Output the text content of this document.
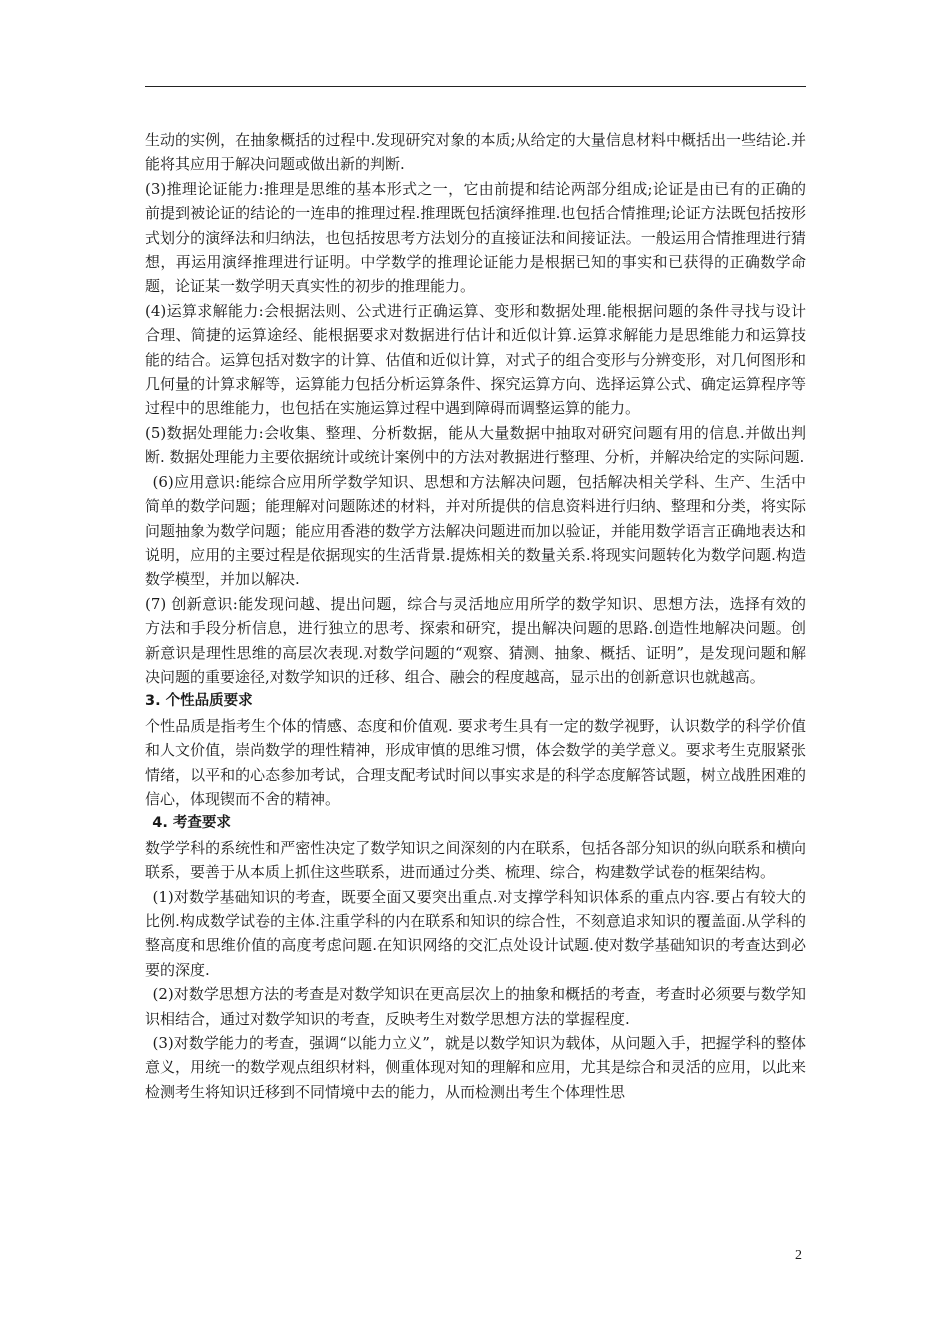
生动的实例，在抽象概括的过程中.发现研究对象的本质;从给定的大量信息材料中概括出一些结论.并能将其应用于解决问题或做出新的判断.

(3)推理论证能力:推理是思维的基本形式之一，它由前提和结论两部分组成;论证是由已有的正确的前提到被论证的结论的一连串的推理过程.推理既包括演绎推理.也包括合情推理;论证方法既包括按形式划分的演绎法和归纳法，也包括按思考方法划分的直接证法和间接证法。一般运用合情推理进行猜想，再运用演绎推理进行证明。中学数学的推理论证能力是根据已知的事实和已获得的正确数学命题，论证某一数学明天真实性的初步的推理能力。

(4)运算求解能力:会根据法则、公式进行正确运算、变形和数据处理.能根据问题的条件寻找与设计合理、简捷的运算途经、能根据要求对数据进行估计和近似计算.运算求解能力是思维能力和运算技能的结合。运算包括对数字的计算、估值和近似计算，对式子的组合变形与分辨变形，对几何图形和几何量的计算求解等，运算能力包括分析运算条件、探究运算方向、选择运算公式、确定运算程序等过程中的思维能力，也包括在实施运算过程中遇到障碍而调整运算的能力。

(5)数据处理能力:会收集、整理、分析数据，能从大量数据中抽取对研究问题有用的信息.并做出判断. 数据处理能力主要依据统计或统计案例中的方法对教据进行整理、分析，并解决给定的实际问题.

(6)应用意识:能综合应用所学数学知识、思想和方法解决问题，包括解决相关学科、生产、生活中简单的数学问题；能理解对问题陈述的材料，并对所提供的信息资料进行归纳、整理和分类，将实际问题抽象为数学问题；能应用香港的数学方法解决问题进而加以验证，并能用数学语言正确地表达和说明，应用的主要过程是依据现实的生活背景.提炼相关的数量关系.将现实问题转化为数学问题.构造数学模型，并加以解决.

(7) 创新意识:能发现问越、提出问题，综合与灵活地应用所学的数学知识、思想方法，选择有效的方法和手段分析信息，进行独立的思考、探索和研究，提出解决问题的思路.创造性地解决问题。创新意识是理性思维的高层次表现.对数学问题的“观察、猜测、抽象、概括、证明”，是发现问题和解决问题的重要途径,对数学知识的迁移、组合、融会的程度越高，显示出的创新意识也就越高。

3. 个性品质要求

个性品质是指考生个体的情感、态度和价值观. 要求考生具有一定的数学视野，认识数学的科学价值和人文价值，崇尚数学的理性精神，形成审慎的思维习惯，体会数学的美学意义。要求考生克服紧张情绪，以平和的心态参加考试，合理支配考试时间以事实求是的科学态度解答试题，树立战胜困难的信心，体现锲而不舍的精神。

4. 考查要求

数学学科的系统性和严密性决定了数学知识之间深刻的内在联系，包括各部分知识的纵向联系和横向联系，要善于从本质上抓住这些联系，进而通过分类、梳理、综合，构建数学试卷的框架结构。

(1)对数学基础知识的考查，既要全面又要突出重点.对支撑学科知识体系的重点内容.要占有较大的比例.构成数学试卷的主体.注重学科的内在联系和知识的综合性，不刻意追求知识的覆盖面.从学科的整高度和思维价值的高度考虑问题.在知识网络的交汇点处设计试题.使对数学基础知识的考查达到必要的深度.

(2)对数学思想方法的考查是对数学知识在更高层次上的抽象和概括的考查，考查时必须要与数学知识相结合，通过对数学知识的考查，反映考生对数学思想方法的掌握程度.

(3)对数学能力的考查，强调“以能力立义”，就是以数学知识为载体，从问题入手，把握学科的整体意义，用统一的数学观点组织材料，侧重体现对知的理解和应用，尤其是综合和灵活的应用，以此来检测考生将知识迁移到不同情境中去的能力，从而检测出考生个体理性思

2
